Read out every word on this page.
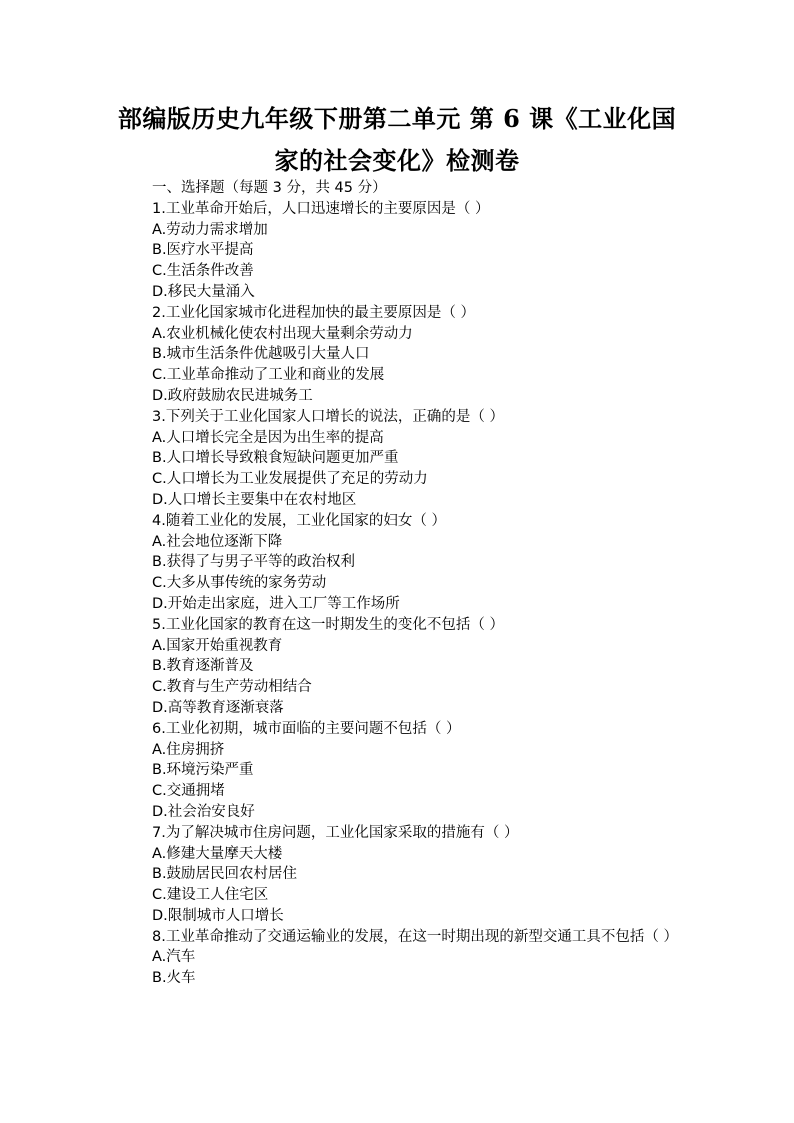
部编版历史九年级下册第二单元 第 6 课《工业化国
家的社会变化》检测卷
一、选择题（每题 3 分，共 45 分）
1.工业革命开始后，人口迅速增长的主要原因是（ ）
A.劳动力需求增加
B.医疗水平提高
C.生活条件改善
D.移民大量涌入
2.工业化国家城市化进程加快的最主要原因是（ ）
A.农业机械化使农村出现大量剩余劳动力
B.城市生活条件优越吸引大量人口
C.工业革命推动了工业和商业的发展
D.政府鼓励农民进城务工
3.下列关于工业化国家人口增长的说法，正确的是（ ）
A.人口增长完全是因为出生率的提高
B.人口增长导致粮食短缺问题更加严重
C.人口增长为工业发展提供了充足的劳动力
D.人口增长主要集中在农村地区
4.随着工业化的发展，工业化国家的妇女（ ）
A.社会地位逐渐下降
B.获得了与男子平等的政治权利
C.大多从事传统的家务劳动
D.开始走出家庭，进入工厂等工作场所
5.工业化国家的教育在这一时期发生的变化不包括（ ）
A.国家开始重视教育
B.教育逐渐普及
C.教育与生产劳动相结合
D.高等教育逐渐衰落
6.工业化初期，城市面临的主要问题不包括（ ）
A.住房拥挤
B.环境污染严重
C.交通拥堵
D.社会治安良好
7.为了解决城市住房问题，工业化国家采取的措施有（ ）
A.修建大量摩天大楼
B.鼓励居民回农村居住
C.建设工人住宅区
D.限制城市人口增长
8.工业革命推动了交通运输业的发展，在这一时期出现的新型交通工具不包括（ ）
A.汽车
B.火车
